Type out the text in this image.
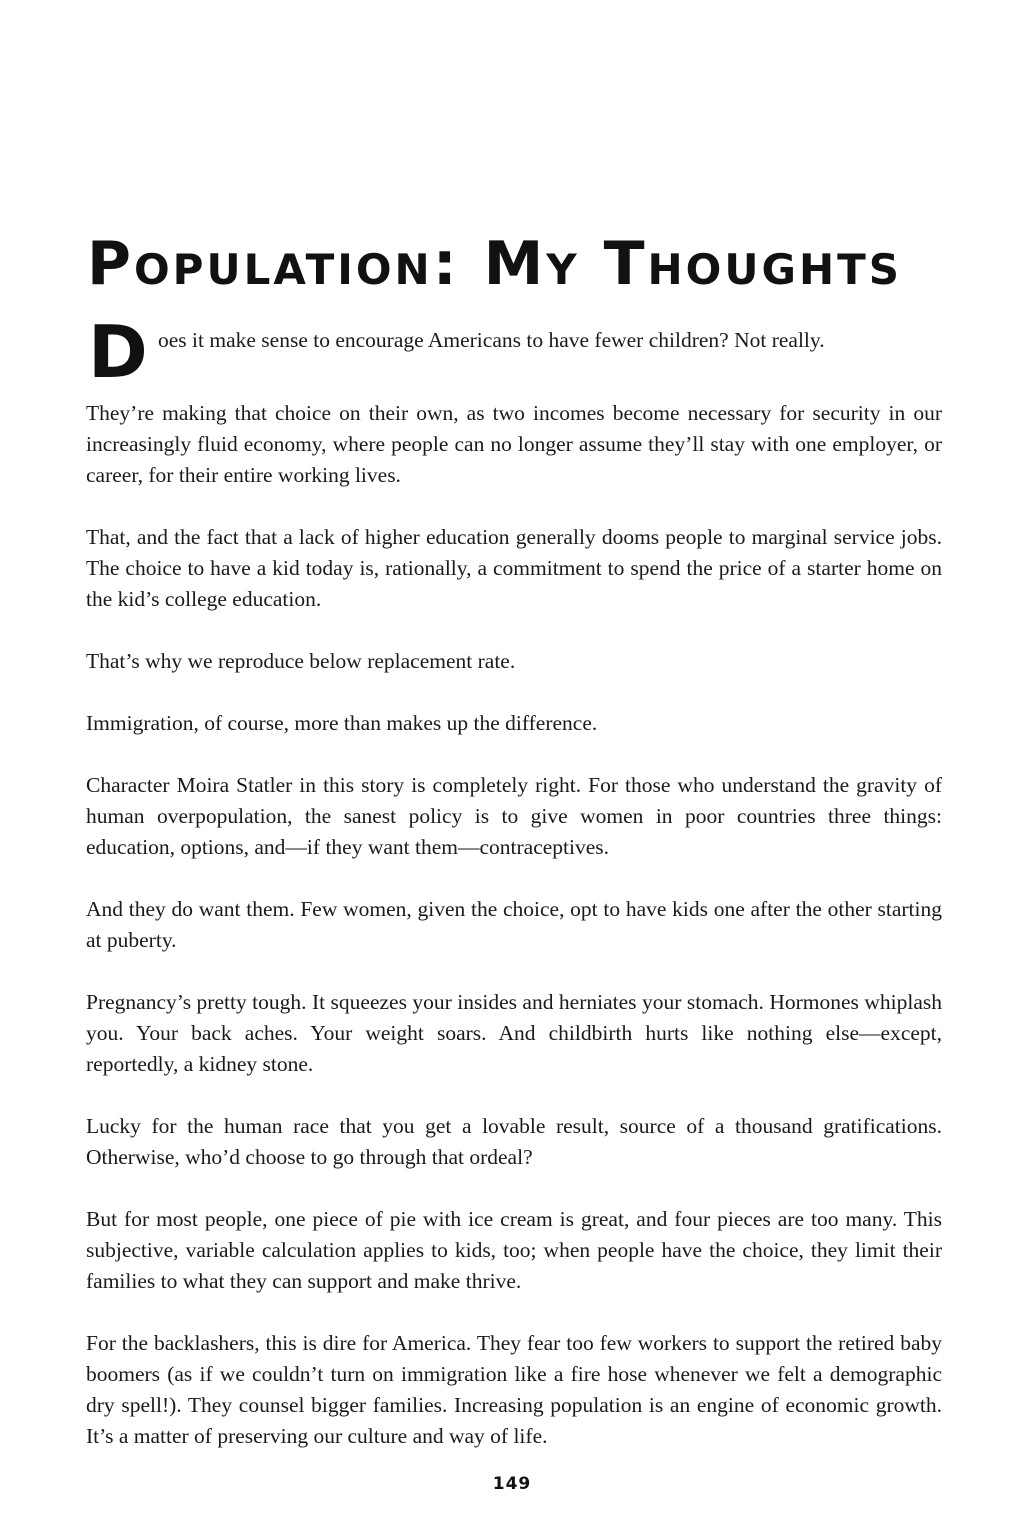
Population: My Thoughts
D oes it make sense to encourage Americans to have fewer children? Not really.

They’re making that choice on their own, as two incomes become necessary for security in our increasingly fluid economy, where people can no longer assume they’ll stay with one employer, or career, for their entire working lives.

That, and the fact that a lack of higher education generally dooms people to marginal service jobs. The choice to have a kid today is, rationally, a commitment to spend the price of a starter home on the kid’s college education.

That’s why we reproduce below replacement rate.

Immigration, of course, more than makes up the difference.

Character Moira Statler in this story is completely right. For those who understand the gravity of human overpopulation, the sanest policy is to give women in poor countries three things: education, options, and—if they want them—contraceptives.

And they do want them. Few women, given the choice, opt to have kids one after the other starting at puberty.

Pregnancy’s pretty tough. It squeezes your insides and herniates your stomach. Hormones whiplash you. Your back aches. Your weight soars. And childbirth hurts like nothing else—except, reportedly, a kidney stone.

Lucky for the human race that you get a lovable result, source of a thousand gratifications. Otherwise, who’d choose to go through that ordeal?

But for most people, one piece of pie with ice cream is great, and four pieces are too many. This subjective, variable calculation applies to kids, too; when people have the choice, they limit their families to what they can support and make thrive.

For the backlashers, this is dire for America. They fear too few workers to support the retired baby boomers (as if we couldn’t turn on immigration like a fire hose whenever we felt a demographic dry spell!). They counsel bigger families. Increasing population is an engine of economic growth. It’s a matter of preserving our culture and way of life.

149
